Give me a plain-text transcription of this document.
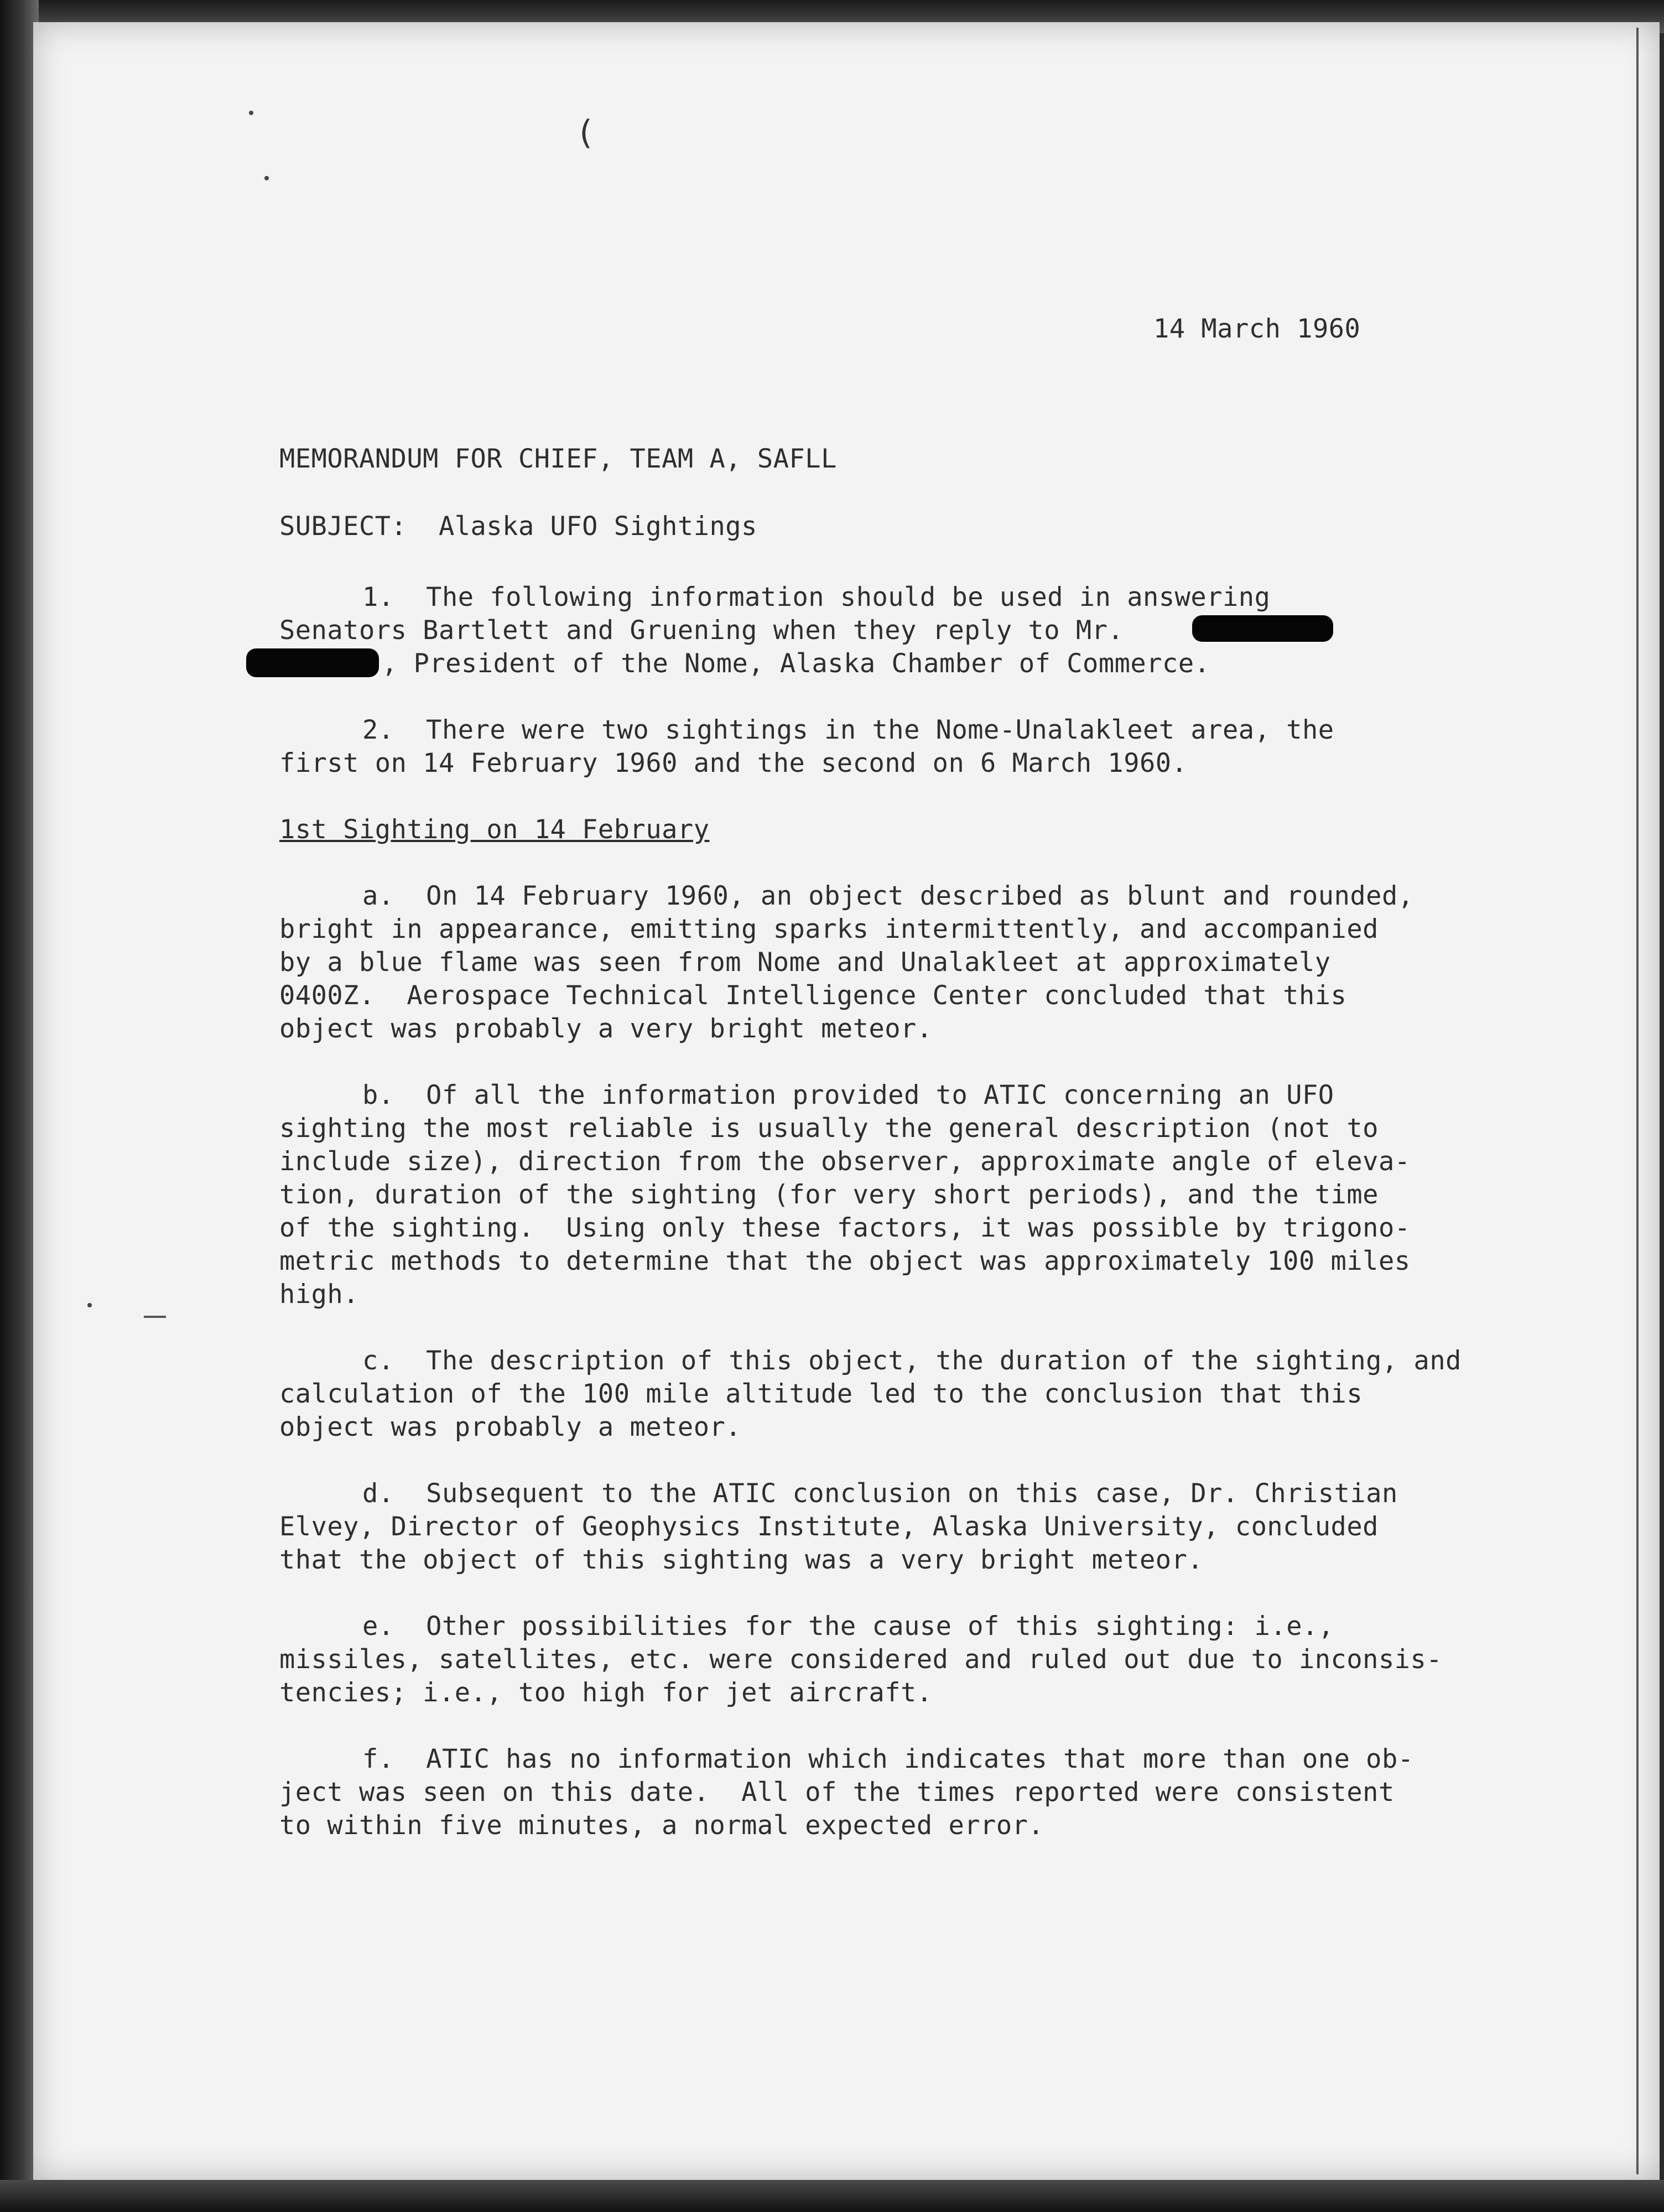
(
14 March 1960
MEMORANDUM FOR CHIEF, TEAM A, SAFLL
SUBJECT: Alaska UFO Sightings
1.  The following information should be used in answering
Senators Bartlett and Gruening when they reply to Mr.
, President of the Nome, Alaska Chamber of Commerce.
2.  There were two sightings in the Nome-Unalakleet area, the
first on 14 February 1960 and the second on 6 March 1960.
1st Sighting on 14 February
a.  On 14 February 1960, an object described as blunt and rounded,
bright in appearance, emitting sparks intermittently, and accompanied
by a blue flame was seen from Nome and Unalakleet at approximately
0400Z.  Aerospace Technical Intelligence Center concluded that this
object was probably a very bright meteor.
b.  Of all the information provided to ATIC concerning an UFO
sighting the most reliable is usually the general description (not to
include size), direction from the observer, approximate angle of eleva-
tion, duration of the sighting (for very short periods), and the time
of the sighting.  Using only these factors, it was possible by trigono-
metric methods to determine that the object was approximately 100 miles
high.
c.  The description of this object, the duration of the sighting, and
calculation of the 100 mile altitude led to the conclusion that this
object was probably a meteor.
d.  Subsequent to the ATIC conclusion on this case, Dr. Christian
Elvey, Director of Geophysics Institute, Alaska University, concluded
that the object of this sighting was a very bright meteor.
e.  Other possibilities for the cause of this sighting: i.e.,
missiles, satellites, etc. were considered and ruled out due to inconsis-
tencies; i.e., too high for jet aircraft.
f.  ATIC has no information which indicates that more than one ob-
ject was seen on this date.  All of the times reported were consistent
to within five minutes, a normal expected error.
